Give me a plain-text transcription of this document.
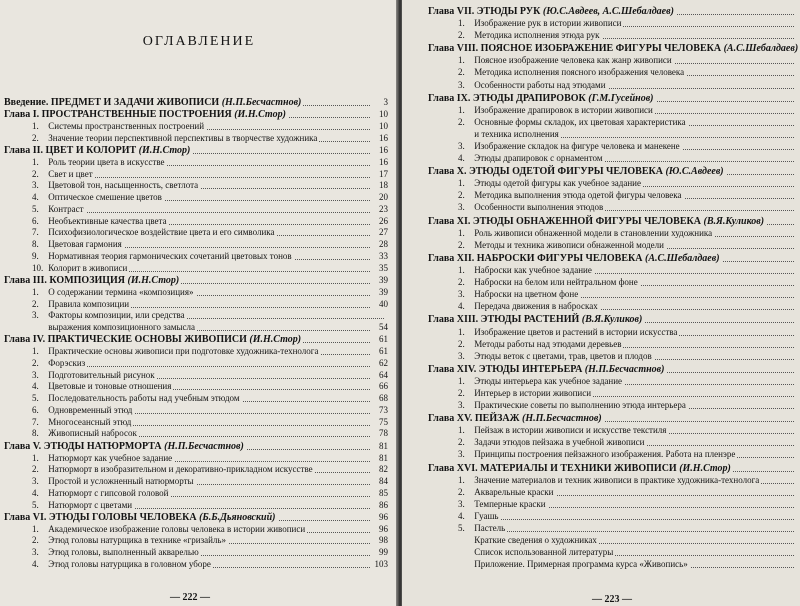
ОГЛАВЛЕНИЕ
Введение. ПРЕДМЕТ И ЗАДАЧИ ЖИВОПИСИ (Н.П.Бесчастнов)	3
Глава I. ПРОСТРАНСТВЕННЫЕ ПОСТРОЕНИЯ (И.Н.Стор)	10
1. Системы пространственных построений	10
2. Значение теории перспективной перспективы в творчестве художника	16
Глава II. ЦВЕТ И КОЛОРИТ (И.Н.Стор)	16
1. Роль теории цвета в искусстве	16
2. Свет и цвет	17
3. Цветовой тон, насыщенность, светлота	18
4. Оптическое смешение цветов	20
5. Контраст	23
6. Необъективные качества цвета	26
7. Психофизиологическое воздействие цвета и его символика	27
8. Цветовая гармония	28
9. Нормативная теория гармонических сочетаний цветовых тонов	33
10. Колорит в живописи	35
Глава III. КОМПОЗИЦИЯ (И.Н.Стор)	39
1. О содержании термина «композиция»	39
2. Правила композиции	40
3. Факторы композиции, или средства
выражения композиционного замысла	54
Глава IV. ПРАКТИЧЕСКИЕ ОСНОВЫ ЖИВОПИСИ (И.Н.Стор)	61
1. Практические основы живописи при подготовке художника-технолога	61
2. Форэскиз	62
3. Подготовительный рисунок	64
4. Цветовые и тоновые отношения	66
5. Последовательность работы над учебным этюдом	68
6. Одновременный этюд	73
7. Многосеансный этюд	75
8. Живописный набросок	78
Глава V. ЭТЮДЫ НАТЮРМОРТА (Н.П.Бесчастнов)	81
1. Натюрморт как учебное задание	81
2. Натюрморт в изобразительном и декоративно-прикладном искусстве	82
3. Простой и усложненный натюрморты	84
4. Натюрморт с гипсовой головой	85
5. Натюрморт с цветами	86
Глава VI. ЭТЮДЫ ГОЛОВЫ ЧЕЛОВЕКА (Б.Б.Дьяновский)	96
1. Академическое изображение головы человека в истории живописи	96
2. Этюд головы натурщика в технике «гризайль»	98
3. Этюд головы, выполненный акварелью	99
4. Этюд головы натурщика в головном уборе	103
— 222 —
Глава VII. ЭТЮДЫ РУК (Ю.С.Авдеев, А.С.Шебалдаев)
1. Изображение рук в истории живописи
2. Методика исполнения этюда рук
Глава VIII. ПОЯСНОЕ ИЗОБРАЖЕНИЕ ФИГУРЫ ЧЕЛОВЕКА (А.С.Шебалдаев)
1. Поясное изображение человека как жанр живописи
2. Методика исполнения поясного изображения человека
3. Особенности работы над этюдами
Глава IX. ЭТЮДЫ ДРАПИРОВОК (Г.М.Гусейнов)
1. Изображение драпировок в истории живописи
2. Основные формы складок, их цветовая характеристика
и техника исполнения
3. Изображение складок на фигуре человека и манекене
4. Этюды драпировок с орнаментом
Глава X. ЭТЮДЫ ОДЕТОЙ ФИГУРЫ ЧЕЛОВЕКА (Ю.С.Авдеев)
1. Этюды одетой фигуры как учебное задание
2. Методика выполнения этюда одетой фигуры человека
3. Особенности выполнения этюдов
Глава XI. ЭТЮДЫ ОБНАЖЕННОЙ ФИГУРЫ ЧЕЛОВЕКА (В.Я.Куликов)
1. Роль живописи обнаженной модели в становлении художника
2. Методы и техника живописи обнаженной модели
Глава XII. НАБРОСКИ ФИГУРЫ ЧЕЛОВЕКА (А.С.Шебалдаев)
1. Наброски как учебное задание
2. Наброски на белом или нейтральном фоне
3. Наброски на цветном фоне
4. Передача движения в набросках
Глава XIII. ЭТЮДЫ РАСТЕНИЙ (В.Я.Куликов)
1. Изображение цветов и растений в истории искусства
2. Методы работы над этюдами деревьев
3. Этюды веток с цветами, трав, цветов и плодов
Глава XIV. ЭТЮДЫ ИНТЕРЬЕРА (Н.П.Бесчастнов)
1. Этюды интерьера как учебное задание
2. Интерьер в истории живописи
3. Практические советы по выполнению этюда интерьера
Глава XV. ПЕЙЗАЖ (Н.П.Бесчастнов)
1. Пейзаж в истории живописи и искусстве текстиля
2. Задачи этюдов пейзажа в учебной живописи
3. Принципы построения пейзажного изображения. Работа на пленэре
Глава XVI. МАТЕРИАЛЫ И ТЕХНИКИ ЖИВОПИСИ (И.Н.Стор)
1. Значение материалов и техник живописи в практике художника-технолога
2. Акварельные краски
3. Темперные краски
4. Гуашь
5. Пастель
Краткие сведения о художниках
Список использованной литературы
Приложение. Примерная программа курса «Живопись»
— 223 —
